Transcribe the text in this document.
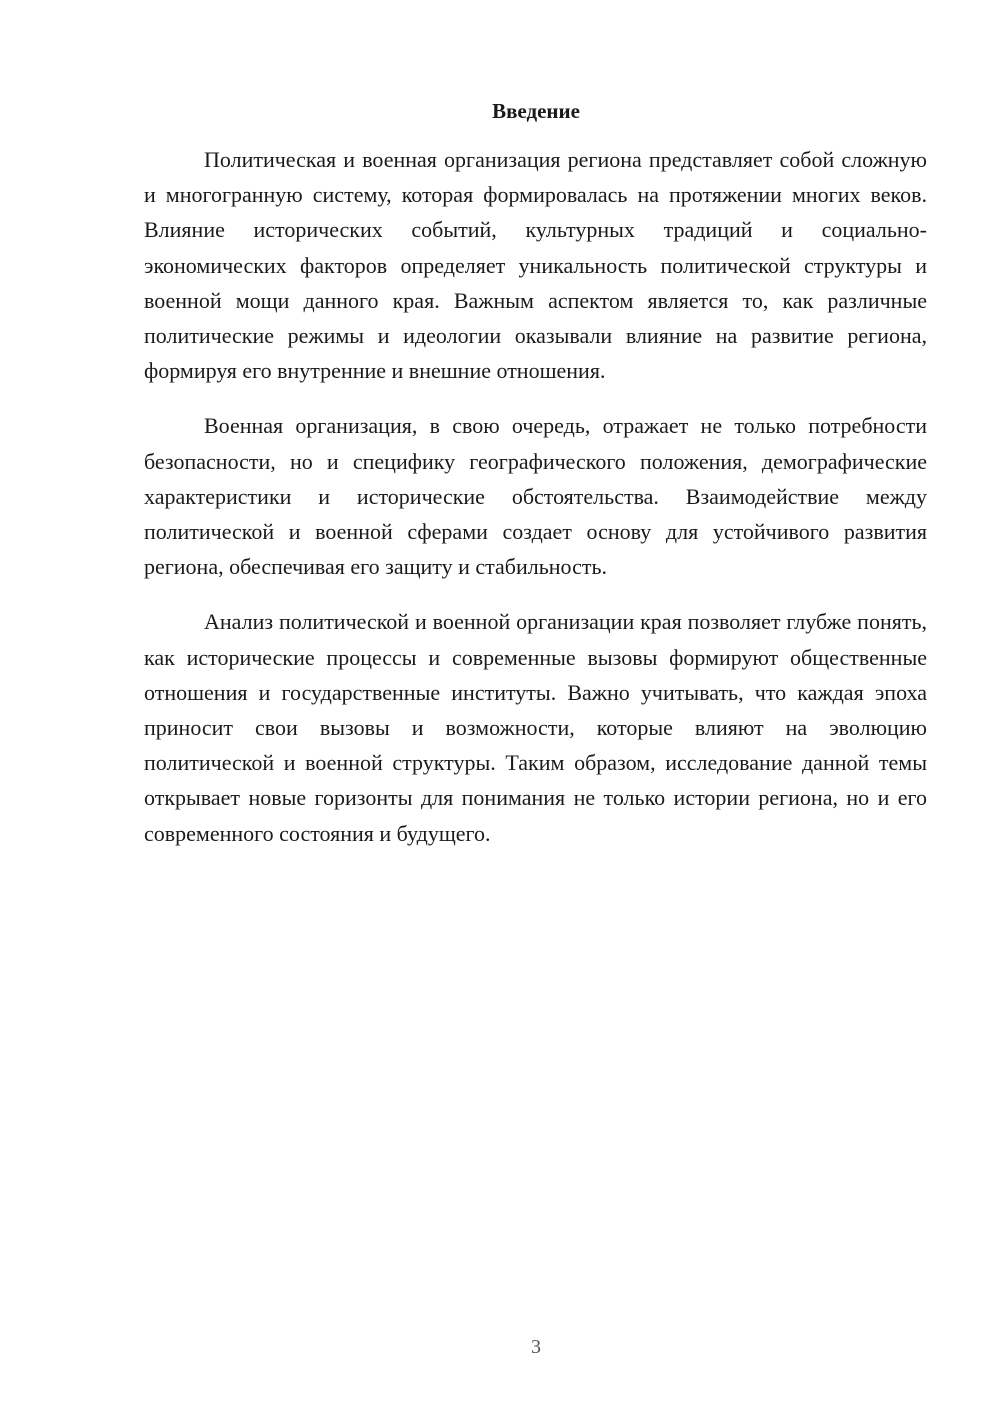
Введение

Политическая и военная организация региона представляет собой сложную и многогранную систему, которая формировалась на протяжении многих веков. Влияние исторических событий, культурных традиций и социально-экономических факторов определяет уникальность политической структуры и военной мощи данного края. Важным аспектом является то, как различные политические режимы и идеологии оказывали влияние на развитие региона, формируя его внутренние и внешние отношения.

Военная организация, в свою очередь, отражает не только потребности безопасности, но и специфику географического положения, демографические характеристики и исторические обстоятельства. Взаимодействие между политической и военной сферами создает основу для устойчивого развития региона, обеспечивая его защиту и стабильность.

Анализ политической и военной организации края позволяет глубже понять, как исторические процессы и современные вызовы формируют общественные отношения и государственные институты. Важно учитывать, что каждая эпоха приносит свои вызовы и возможности, которые влияют на эволюцию политической и военной структуры. Таким образом, исследование данной темы открывает новые горизонты для понимания не только истории региона, но и его современного состояния и будущего.

3
